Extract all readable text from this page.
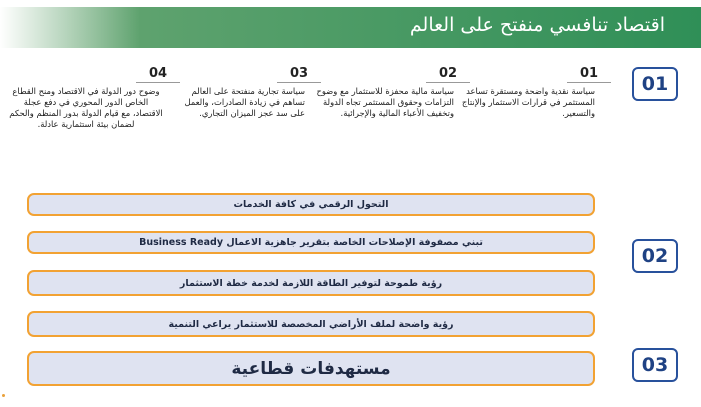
اقتصاد تنافسي منفتح على العالم
01
01
سياسة نقدية واضحة ومستقرة تساعد المستثمر في قرارات الاستثمار والإنتاج والتسعير.
02
سياسة مالية محفزة للاستثمار مع وضوح التزامات وحقوق المستثمر تجاه الدولة وتخفيف الأعباء المالية والإجرائية.
03
سياسة تجارية منفتحة على العالم تساهم في زيادة الصادرات، والعمل على سد عجز الميزان التجاري.
04
وضوح دور الدولة في الاقتصاد ومنح القطاع الخاص الدور المحوري في دفع عجلة الاقتصاد، مع قيام الدولة بدور المنظم والحكم لضمان بيئة استثمارية عادلة.
02
التحول الرقمي في كافة الخدمات
تبني مصفوفة الإصلاحات الخاصة بتقرير جاهزية الاعمال Business Ready
رؤية طموحة لتوفير الطاقة اللازمة لخدمة خطة الاستثمار
رؤية واضحة لملف الأراضي المخصصة للاستثمار يراعي التنمية
03
مستهدفات قطاعية
